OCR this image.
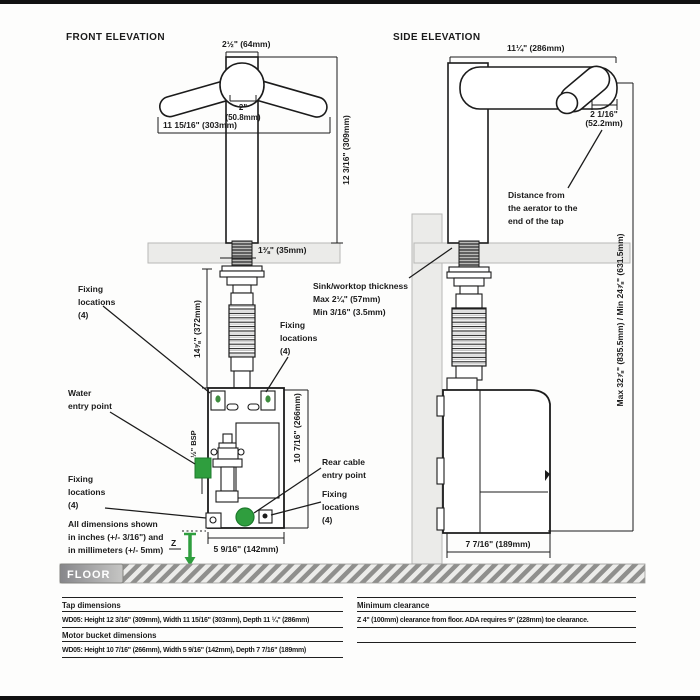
FRONT ELEVATION
2½" (64mm)
2"
(50.8mm)
11 15/16" (303mm)	12 3/16" (309mm)
1⅜" (35mm)
14⅝" (372mm)
½" BSP
5 9/16" (142mm)
10 7/16" (266mm)
Z
Fixing
locations
(4)
Fixing
locations
(4)
Water
entry point
Fixing
locations
(4)
Rear cable
entry point
Fixing
locations
(4)
All dimensions shown
in inches (+/- 3/16") and
in millimeters (+/- 5mm)
SIDE ELEVATION
11¼" (286mm)
2 1/16"
(52.2mm)
Distance from
the aerator to the
end of the tap
Sink/worktop thickness
Max 2¼" (57mm)
Min 3/16" (3.5mm)
7 7/16" (189mm)
Max 32⅞" (835.5mm) / Min 24⅞" (631.5mm)
FLOOR
Tap dimensions
WD05: Height 12 3/16" (309mm), Width 11 15/16" (303mm), Depth 11 ¼" (286mm)
Motor bucket dimensions
WD05: Height 10 7/16" (266mm), Width 5 9/16" (142mm), Depth 7 7/16" (189mm)
Minimum clearance
Z 4" (100mm) clearance from floor. ADA requires 9" (228mm) toe clearance.
